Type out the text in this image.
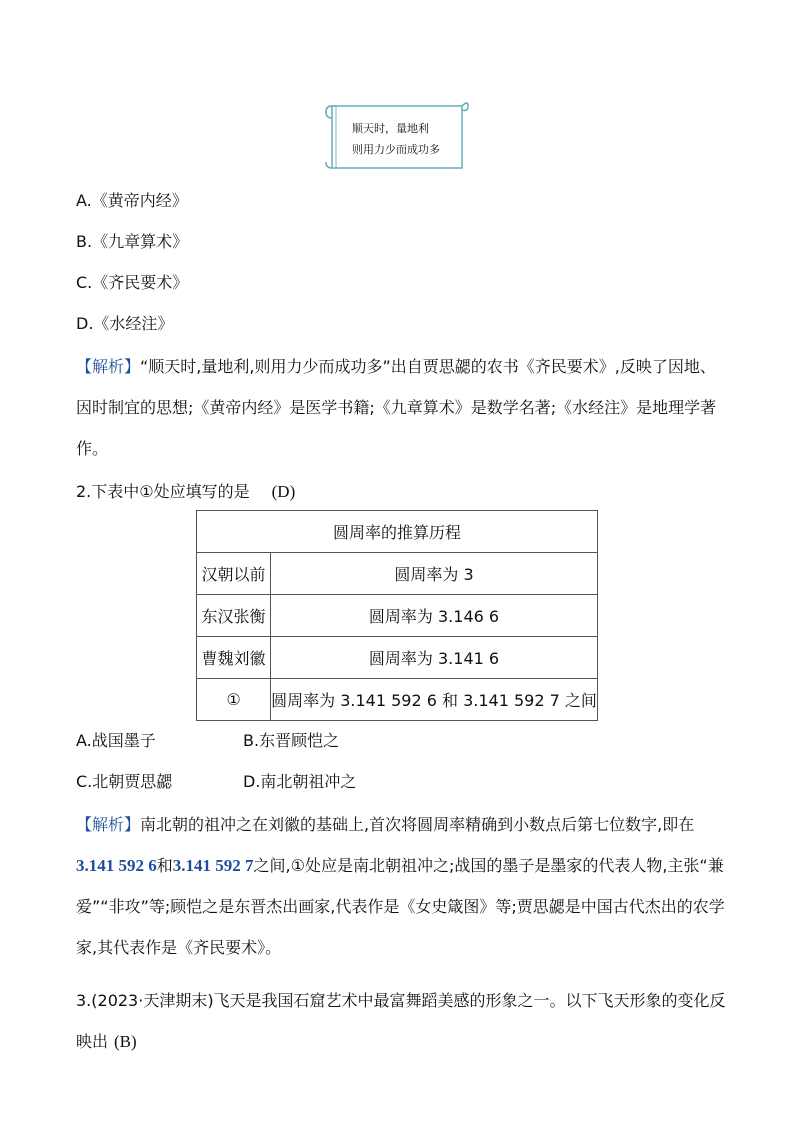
顺天时，量地利
则用力少而成功多
A.《黄帝内经》
B.《九章算术》
C.《齐民要术》
D.《水经注》
【解析】“顺天时,量地利,则用力少而成功多”出自贾思勰的农书《齐民要术》,反映了因地、因时制宜的思想;《黄帝内经》是医学书籍;《九章算术》是数学名著;《水经注》是地理学著作。
2.下表中①处应填写的是 (D)
圆周率的推算历程	
汉朝以前	圆周率为 3
东汉张衡	圆周率为 3.146 6
曹魏刘徽	圆周率为 3.141 6
①	圆周率为 3.141 592 6 和 3.141 592 7 之间
A.战国墨子	B.东晋顾恺之
C.北朝贾思勰	D.南北朝祖冲之
【解析】南北朝的祖冲之在刘徽的基础上,首次将圆周率精确到小数点后第七位数字,即在3.141 592 6和3.141 592 7之间,①处应是南北朝祖冲之;战国的墨子是墨家的代表人物,主张“兼爱”“非攻”等;顾恺之是东晋杰出画家,代表作是《女史箴图》等;贾思勰是中国古代杰出的农学家,其代表作是《齐民要术》。
3.(2023·天津期末)飞天是我国石窟艺术中最富舞蹈美感的形象之一。以下飞天形象的变化反映出 (B)
